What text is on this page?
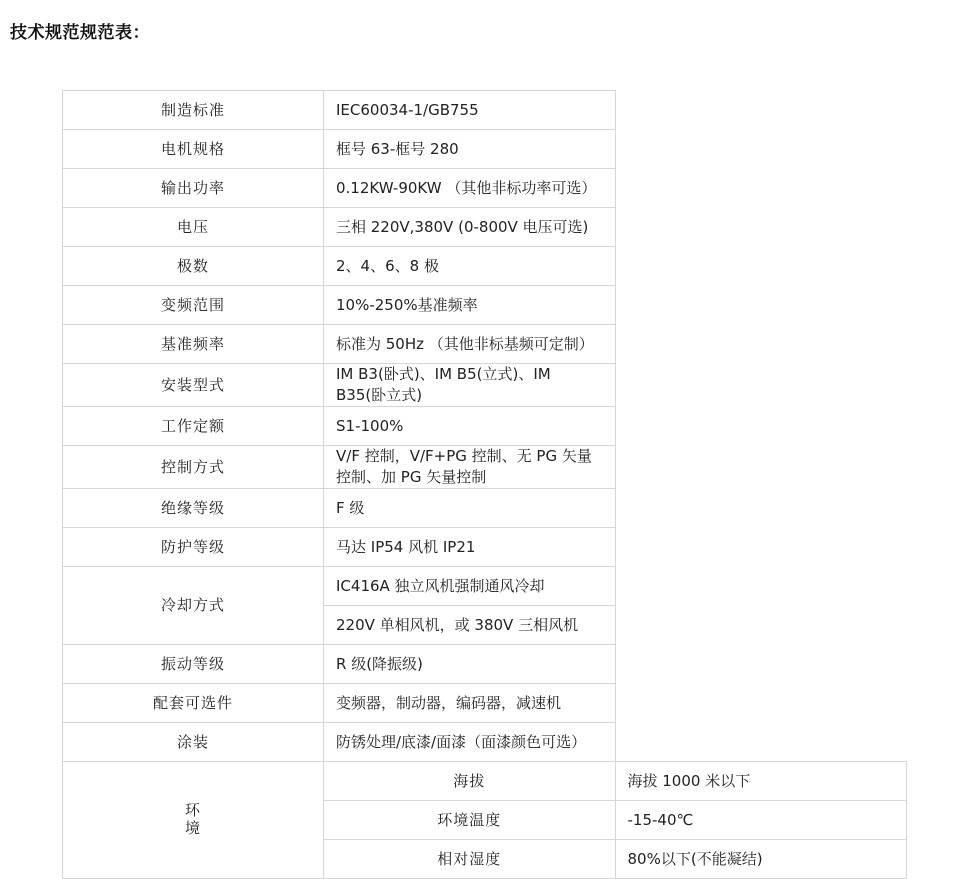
技术规范规范表：
制造标准	IEC60034-1/GB755	
电机规格	框号 63-框号 280	
输出功率	0.12KW-90KW （其他非标功率可选）	
电压	三相 220V,380V (0-800V 电压可选)	
极数	2、4、6、8 极	
变频范围	10%-250%基准频率	
基准频率	标准为 50Hz （其他非标基频可定制）	
安装型式	IM B3(卧式)、IM B5(立式)、IM B35(卧立式)	
工作定额	S1-100%	
控制方式	V/F 控制，V/F+PG 控制、无 PG 矢量控制、加 PG 矢量控制	
绝缘等级	F 级	
防护等级	马达 IP54 风机 IP21	
冷却方式	IC416A 独立风机强制通风冷却	
	220V 单相风机，或 380V 三相风机	
振动等级	R 级(降振级)	
配套可选件	变频器，制动器，编码器，减速机	
涂装	防锈处理/底漆/面漆（面漆颜色可选）	
环
境	海拔	海拔 1000 米以下
	环境温度	-15-40℃
	相对湿度	80%以下(不能凝结)
